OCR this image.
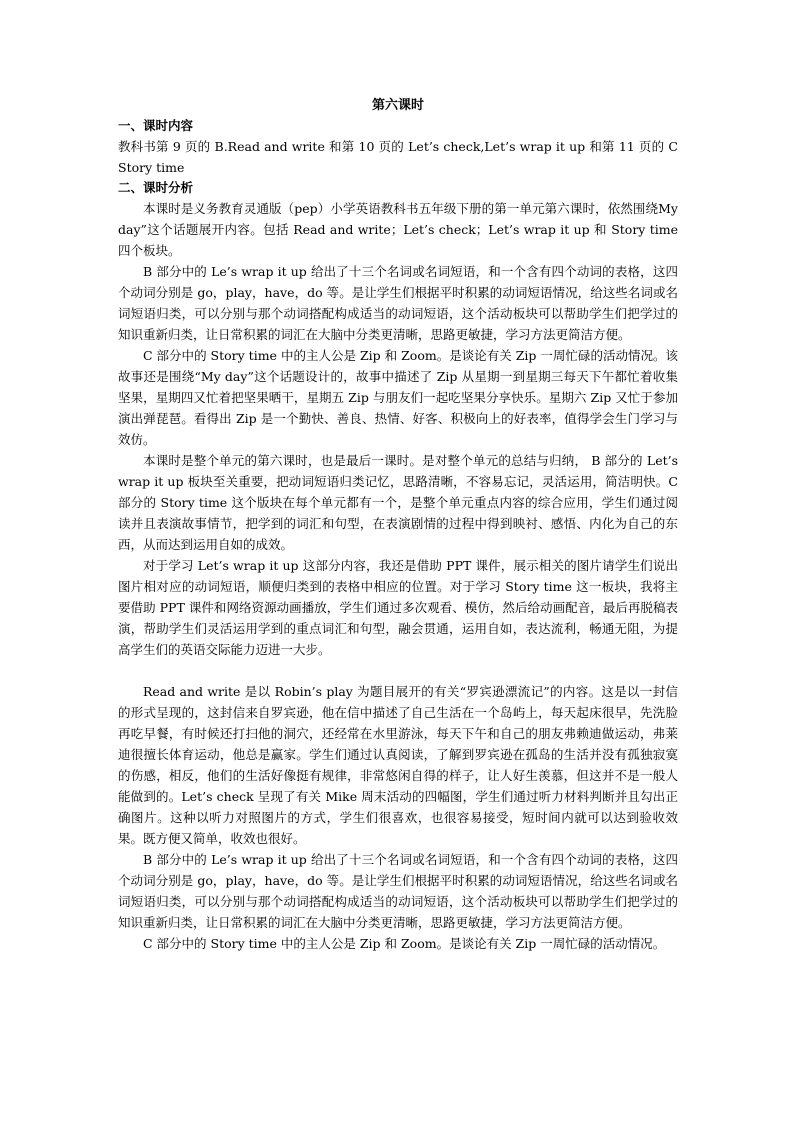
第六课时

一、课时内容

教科书第 9 页的 B.Read and write 和第 10 页的 Let’s check,Let’s wrap it up 和第 11 页的 C Story time

二、课时分析

本课时是义务教育灵通版（pep）小学英语教科书五年级下册的第一单元第六课时，依然围绕My day”这个话题展开内容。包括 Read and write；Let’s check；Let’s wrap it up 和 Story time 四个板块。

B 部分中的 Le’s wrap it up 给出了十三个名词或名词短语，和一个含有四个动词的表格，这四个动词分别是 go，play，have，do 等。是让学生们根据平时积累的动词短语情况，给这些名词或名词短语归类，可以分别与那个动词搭配构成适当的动词短语，这个活动板块可以帮助学生们把学过的知识重新归类，让日常积累的词汇在大脑中分类更清晰，思路更敏捷，学习方法更简洁方便。

C 部分中的 Story time 中的主人公是 Zip 和 Zoom。是谈论有关 Zip 一周忙碌的活动情况。该故事还是围绕“My day”这个话题设计的，故事中描述了 Zip 从星期一到星期三每天下午都忙着收集坚果，星期四又忙着把坚果晒干，星期五 Zip 与朋友们一起吃坚果分享快乐。星期六 Zip 又忙于参加演出弹琵琶。看得出 Zip 是一个勤快、善良、热情、好客、积极向上的好表率，值得学会生门学习与效仿。

本课时是整个单元的第六课时，也是最后一课时。是对整个单元的总结与归纳， B 部分的 Let’s wrap it up 板块至关重要，把动词短语归类记忆，思路清晰，不容易忘记，灵活运用，简洁明快。C 部分的 Story time 这个版块在每个单元都有一个，是整个单元重点内容的综合应用，学生们通过阅读并且表演故事情节，把学到的词汇和句型，在表演剧情的过程中得到映衬、感悟、内化为自己的东西，从而达到运用自如的成效。

对于学习 Let’s wrap it up 这部分内容，我还是借助 PPT 课件，展示相关的图片请学生们说出图片相对应的动词短语，顺便归类到的表格中相应的位置。对于学习 Story time 这一板块，我将主要借助 PPT 课件和网络资源动画播放，学生们通过多次观看、模仿，然后给动画配音，最后再脱稿表演，帮助学生们灵活运用学到的重点词汇和句型，融会贯通，运用自如，表达流利，畅通无阻，为提高学生们的英语交际能力迈进一大步。

Read and write 是以 Robin’s play 为题目展开的有关“罗宾逊漂流记”的内容。这是以一封信的形式呈现的，这封信来自罗宾逊，他在信中描述了自己生活在一个岛屿上，每天起床很早，先洗脸再吃早餐，有时候还打扫他的洞穴，还经常在水里游泳，每天下午和自己的朋友弗赖迪做运动，弗莱迪很擅长体育运动，他总是赢家。学生们通过认真阅读，了解到罗宾逊在孤岛的生活并没有孤独寂寞的伤感，相反，他们的生活好像挺有规律，非常悠闲自得的样子，让人好生羡慕，但这并不是一般人能做到的。Let’s check 呈现了有关 Mike 周末活动的四幅图，学生们通过听力材料判断并且勾出正确图片。这种以听力对照图片的方式，学生们很喜欢，也很容易接受，短时间内就可以达到验收效果。既方便又简单，收效也很好。

B 部分中的 Le’s wrap it up 给出了十三个名词或名词短语，和一个含有四个动词的表格，这四个动词分别是 go，play，have，do 等。是让学生们根据平时积累的动词短语情况，给这些名词或名词短语归类，可以分别与那个动词搭配构成适当的动词短语，这个活动板块可以帮助学生们把学过的知识重新归类，让日常积累的词汇在大脑中分类更清晰，思路更敏捷，学习方法更简洁方便。

C 部分中的 Story time 中的主人公是 Zip 和 Zoom。是谈论有关 Zip 一周忙碌的活动情况。
